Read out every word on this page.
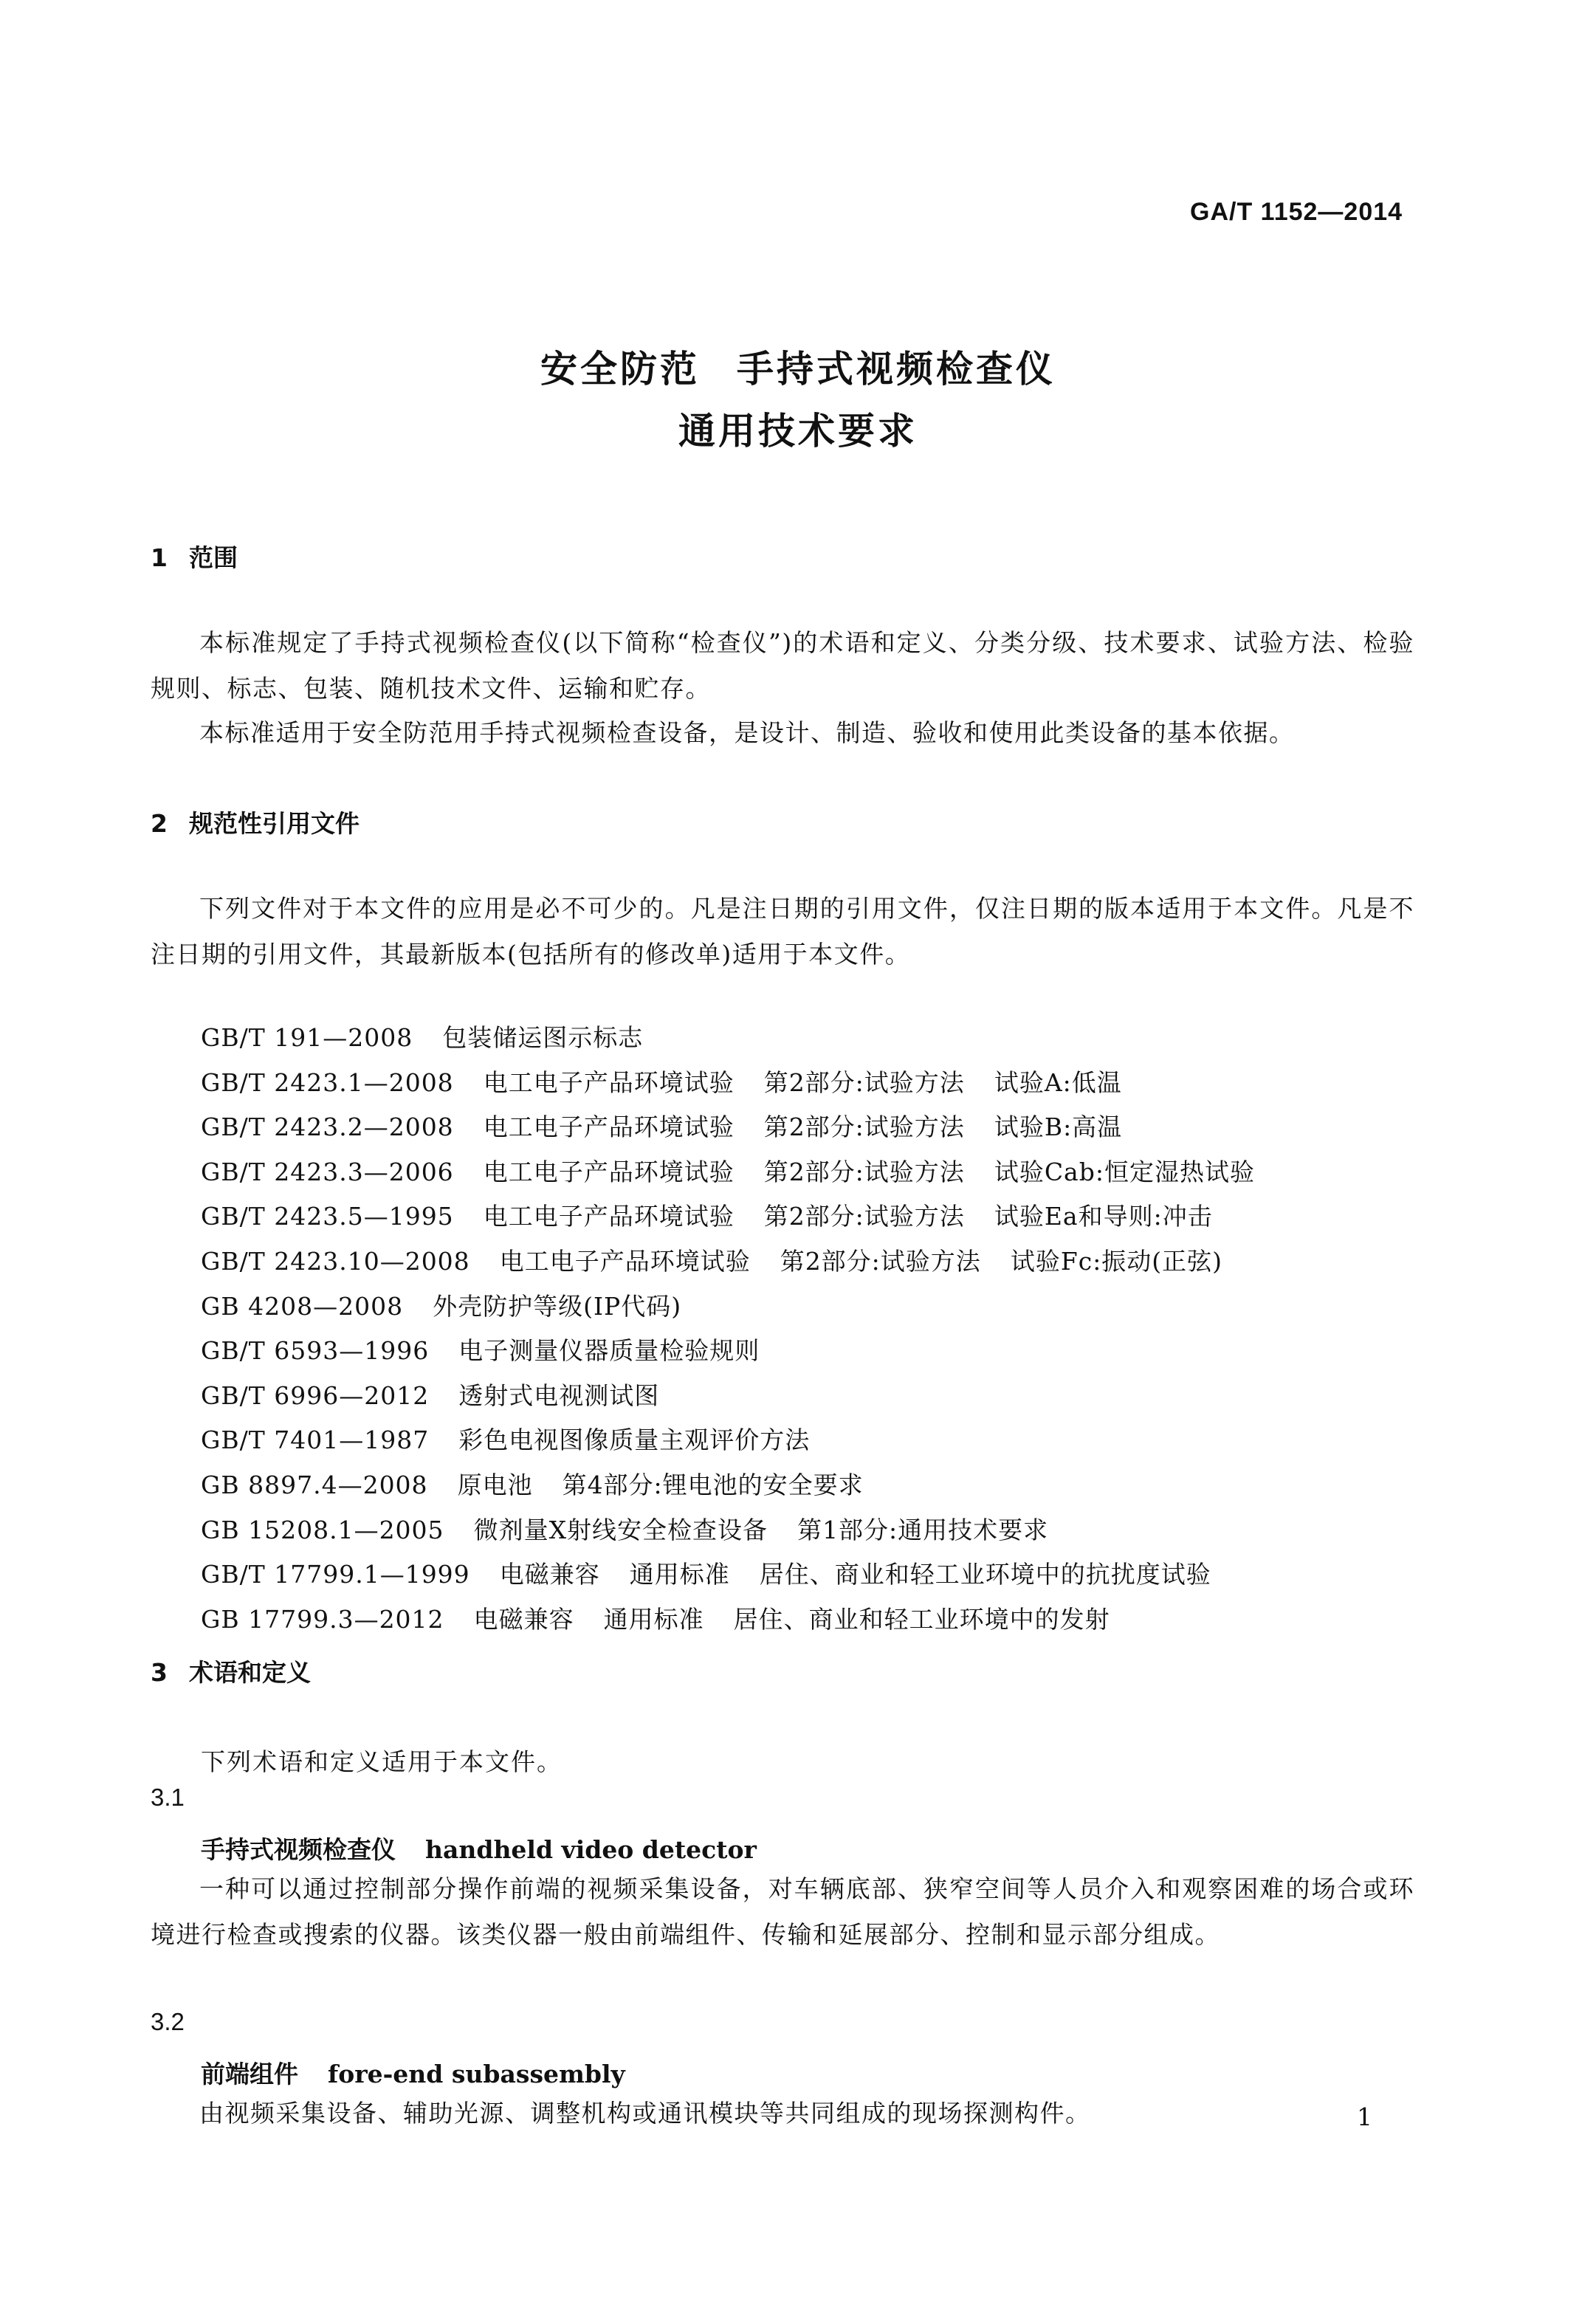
GA/T 1152—2014
安全防范 手持式视频检查仪
通用技术要求
1 范围
本标准规定了手持式视频检查仪(以下简称“检查仪”)的术语和定义、分类分级、技术要求、试验方法、检验规则、标志、包装、随机技术文件、运输和贮存。
本标准适用于安全防范用手持式视频检查设备，是设计、制造、验收和使用此类设备的基本依据。
2 规范性引用文件
下列文件对于本文件的应用是必不可少的。凡是注日期的引用文件，仅注日期的版本适用于本文件。凡是不注日期的引用文件，其最新版本(包括所有的修改单)适用于本文件。
GB/T 191—2008 包装储运图示标志
GB/T 2423.1—2008 电工电子产品环境试验 第2部分:试验方法 试验A:低温
GB/T 2423.2—2008 电工电子产品环境试验 第2部分:试验方法 试验B:高温
GB/T 2423.3—2006 电工电子产品环境试验 第2部分:试验方法 试验Cab:恒定湿热试验
GB/T 2423.5—1995 电工电子产品环境试验 第2部分:试验方法 试验Ea和导则:冲击
GB/T 2423.10—2008 电工电子产品环境试验 第2部分:试验方法 试验Fc:振动(正弦)
GB 4208—2008 外壳防护等级(IP代码)
GB/T 6593—1996 电子测量仪器质量检验规则
GB/T 6996—2012 透射式电视测试图
GB/T 7401—1987 彩色电视图像质量主观评价方法
GB 8897.4—2008 原电池 第4部分:锂电池的安全要求
GB 15208.1—2005 微剂量X射线安全检查设备 第1部分:通用技术要求
GB/T 17799.1—1999 电磁兼容 通用标准 居住、商业和轻工业环境中的抗扰度试验
GB 17799.3—2012 电磁兼容 通用标准 居住、商业和轻工业环境中的发射
3 术语和定义
下列术语和定义适用于本文件。
3.1
手持式视频检查仪 handheld video detector
一种可以通过控制部分操作前端的视频采集设备，对车辆底部、狭窄空间等人员介入和观察困难的场合或环境进行检查或搜索的仪器。该类仪器一般由前端组件、传输和延展部分、控制和显示部分组成。
3.2
前端组件 fore-end subassembly
由视频采集设备、辅助光源、调整机构或通讯模块等共同组成的现场探测构件。	1
